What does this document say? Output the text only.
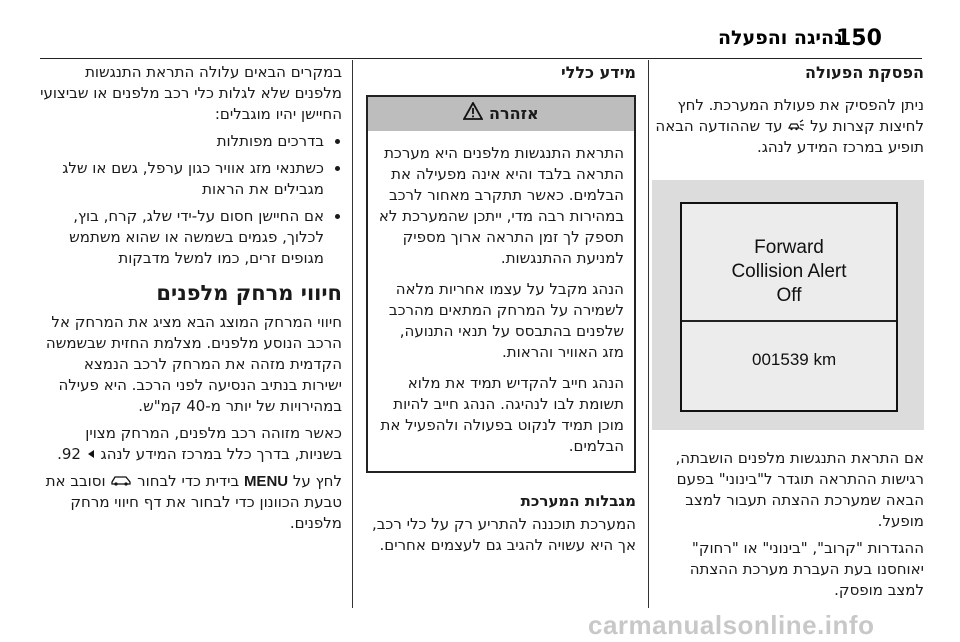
150
נהיגה והפעלה
הפסקת הפעולה

ניתן להפסיק את פעולת המערכת. לחץ לחיצות קצרות על  עד שההודעה הבאה תופיע במרכז המידע לנהג.

Forward
Collision Alert
Off
001539 km

אם התראת התנגשות מלפנים הושבתה, רגישות ההתראה תוגדר ל"בינוני" בפעם הבאה שמערכת ההצתה תעבור למצב מופעל.

ההגדרות "קרוב", "בינוני" או "רחוק" יאוחסנו בעת העברת מערכת ההצתה למצב מופסק.

מידע כללי
אזהרה

התראת התנגשות מלפנים היא מערכת התראה בלבד והיא אינה מפעילה את הבלמים. כאשר תתקרב מאחור לרכב במהירות רבה מדי, ייתכן שהמערכת לא תספק לך זמן התראה ארוך מספיק למניעת ההתנגשות.

הנהג מקבל על עצמו אחריות מלאה לשמירה על המרחק המתאים מהרכב שלפנים בהתבסס על תנאי התנועה, מזג האוויר והראות.

הנהג חייב להקדיש תמיד את מלוא תשומת לבו לנהיגה. הנהג חייב להיות מוכן תמיד לנקוט בפעולה ולהפעיל את הבלמים.

מגבלות המערכת

המערכת תוכננה להתריע רק על כלי רכב, אך היא עשויה להגיב גם לעצמים אחרים.

במקרים הבאים עלולה התראת התנגשות מלפנים שלא לגלות כלי רכב מלפנים או שביצועי החיישן יהיו מוגבלים:

• בדרכים מפותלות
• כשתנאי מזג אוויר כגון ערפל, גשם או שלג מגבילים את הראות
• אם החיישן חסום על-ידי שלג, קרח, בוץ, לכלוך, פגמים בשמשה או שהוא משתמש מגופים זרים, כמו למשל מדבקות
חיווי מרחק מלפנים

חיווי המרחק המוצג הבא מציג את המרחק אל הרכב הנוסע מלפנים. מצלמת החזית שבשמשה הקדמית מזהה את המרחק לרכב הנמצא ישירות בנתיב הנסיעה לפני הרכב. היא פעילה במהירויות של יותר מ-40 קמ"ש.

כאשר מזוהה רכב מלפנים, המרחק מצוין בשניות, בדרך כלל במרכז המידע לנהג  92.

לחץ על MENU בידית כדי לבחור  וסובב את טבעת הכוונון כדי לבחור את דף חיווי מרחק מלפנים.

carmanualsonline.info
